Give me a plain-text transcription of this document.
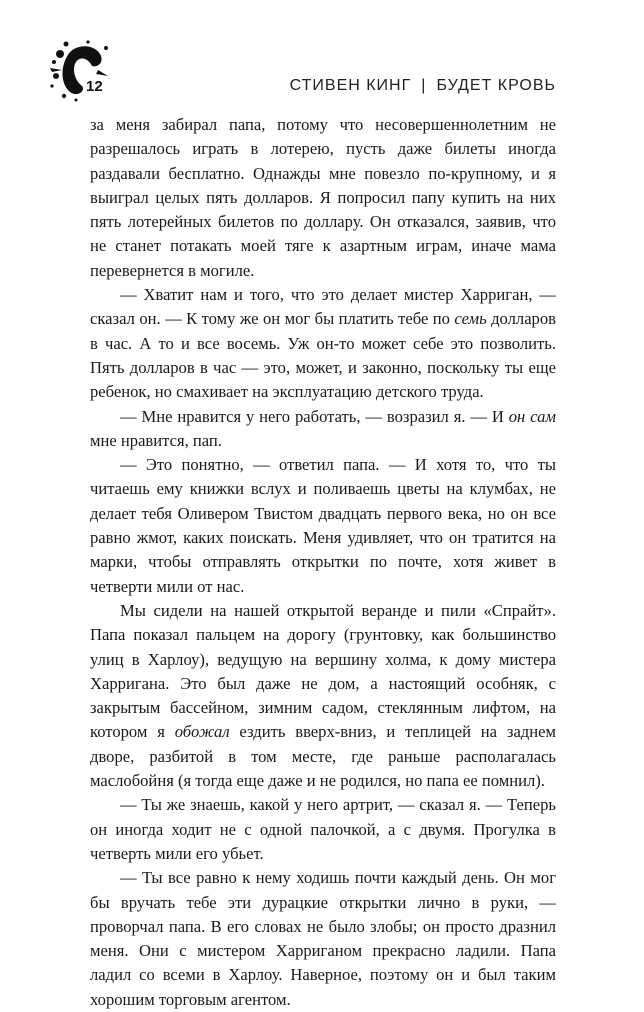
12	СТИВЕН КИНГ | БУДЕТ КРОВЬ

за меня забирал папа, потому что несовершеннолетним не разрешалось играть в лотерею, пусть даже билеты иногда раздавали бесплатно. Однажды мне повезло по-крупному, и я выиграл целых пять долларов. Я попросил папу купить на них пять лотерейных билетов по доллару. Он отказался, заявив, что не станет потакать моей тяге к азартным играм, иначе мама перевернется в могиле.

— Хватит нам и того, что это делает мистер Харриган, — сказал он. — К тому же он мог бы платить тебе по семь долларов в час. А то и все восемь. Уж он-то может себе это позволить. Пять долларов в час — это, может, и законно, поскольку ты еще ребенок, но смахивает на эксплуатацию детского труда.

— Мне нравится у него работать, — возразил я. — И он сам мне нравится, пап.

— Это понятно, — ответил папа. — И хотя то, что ты читаешь ему книжки вслух и поливаешь цветы на клумбах, не делает тебя Оливером Твистом двадцать первого века, но он все равно жмот, каких поискать. Меня удивляет, что он тратится на марки, чтобы отправлять открытки по почте, хотя живет в четверти мили от нас.

Мы сидели на нашей открытой веранде и пили «Спрайт». Папа показал пальцем на дорогу (грунтовку, как большинство улиц в Харлоу), ведущую на вершину холма, к дому мистера Харригана. Это был даже не дом, а настоящий особняк, с закрытым бассейном, зимним садом, стеклянным лифтом, на котором я обожал ездить вверх-вниз, и теплицей на заднем дворе, разбитой в том месте, где раньше располагалась маслобойня (я тогда еще даже и не родился, но папа ее помнил).

— Ты же знаешь, какой у него артрит, — сказал я. — Теперь он иногда ходит не с одной палочкой, а с двумя. Прогулка в четверть мили его убьет.

— Ты все равно к нему ходишь почти каждый день. Он мог бы вручать тебе эти дурацкие открытки лично в руки, — проворчал папа. В его словах не было злобы; он просто дразнил меня. Они с мистером Харриганом прекрасно ладили. Папа ладил со всеми в Харлоу. Наверное, поэтому он и был таким хорошим торговым агентом.
